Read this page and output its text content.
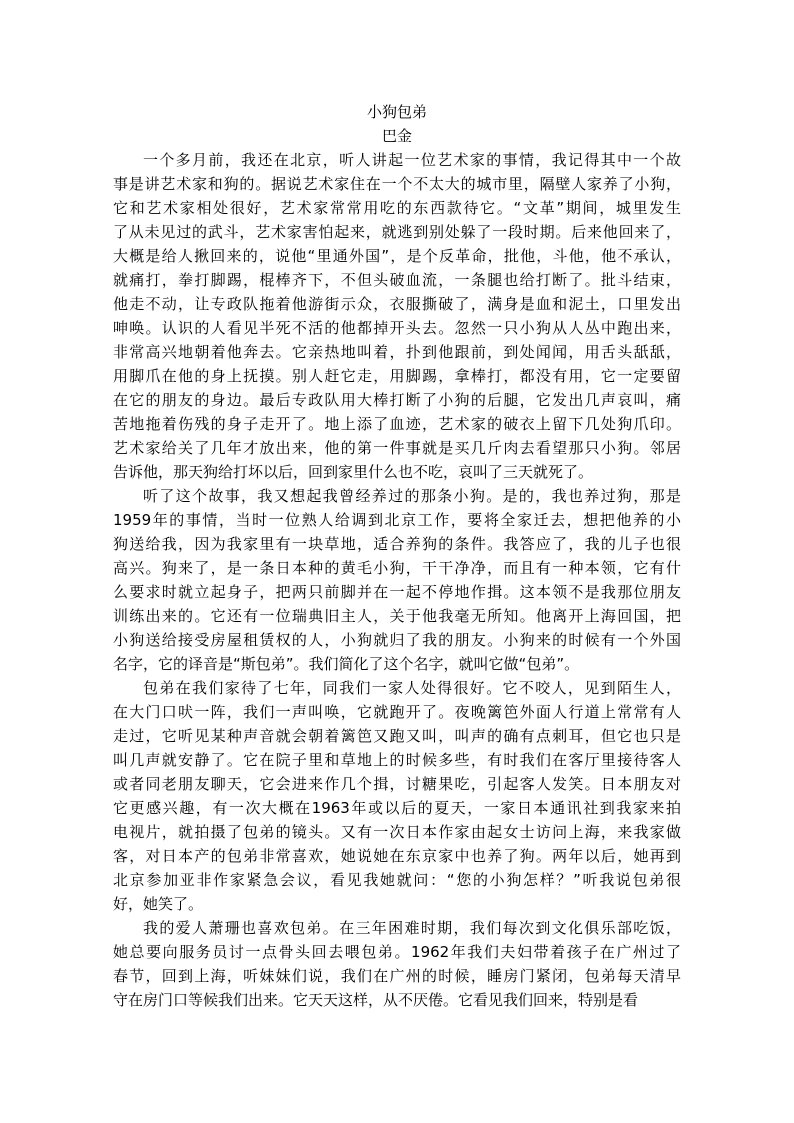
小狗包弟
巴金
一个多月前，我还在北京，听人讲起一位艺术家的事情，我记得其中一个故
事是讲艺术家和狗的。据说艺术家住在一个不太大的城市里，隔壁人家养了小狗，
它和艺术家相处很好，艺术家常常用吃的东西款待它。“文革”期间，城里发生
了从未见过的武斗，艺术家害怕起来，就逃到别处躲了一段时期。后来他回来了，
大概是给人揪回来的，说他“里通外国”，是个反革命，批他，斗他，他不承认，
就痛打，拳打脚踢，棍棒齐下，不但头破血流，一条腿也给打断了。批斗结束，
他走不动，让专政队拖着他游街示众，衣服撕破了，满身是血和泥土，口里发出
呻唤。认识的人看见半死不活的他都掉开头去。忽然一只小狗从人丛中跑出来，
非常高兴地朝着他奔去。它亲热地叫着，扑到他跟前，到处闻闻，用舌头舐舐，
用脚爪在他的身上抚摸。别人赶它走，用脚踢，拿棒打，都没有用，它一定要留
在它的朋友的身边。最后专政队用大棒打断了小狗的后腿，它发出几声哀叫，痛
苦地拖着伤残的身子走开了。地上添了血迹，艺术家的破衣上留下几处狗爪印。
艺术家给关了几年才放出来，他的第一件事就是买几斤肉去看望那只小狗。邻居
告诉他，那天狗给打坏以后，回到家里什么也不吃，哀叫了三天就死了。
听了这个故事，我又想起我曾经养过的那条小狗。是的，我也养过狗，那是
1959年的事情，当时一位熟人给调到北京工作，要将全家迁去，想把他养的小
狗送给我，因为我家里有一块草地，适合养狗的条件。我答应了，我的儿子也很
高兴。狗来了，是一条日本种的黄毛小狗，干干净净，而且有一种本领，它有什
么要求时就立起身子，把两只前脚并在一起不停地作揖。这本领不是我那位朋友
训练出来的。它还有一位瑞典旧主人，关于他我毫无所知。他离开上海回国，把
小狗送给接受房屋租赁权的人，小狗就归了我的朋友。小狗来的时候有一个外国
名字，它的译音是“斯包弟”。我们简化了这个名字，就叫它做“包弟”。
包弟在我们家待了七年，同我们一家人处得很好。它不咬人，见到陌生人，
在大门口吠一阵，我们一声叫唤，它就跑开了。夜晚篱笆外面人行道上常常有人
走过，它听见某种声音就会朝着篱笆又跑又叫，叫声的确有点刺耳，但它也只是
叫几声就安静了。它在院子里和草地上的时候多些，有时我们在客厅里接待客人
或者同老朋友聊天，它会进来作几个揖，讨糖果吃，引起客人发笑。日本朋友对
它更感兴趣，有一次大概在1963年或以后的夏天，一家日本通讯社到我家来拍
电视片，就拍摄了包弟的镜头。又有一次日本作家由起女士访问上海，来我家做
客，对日本产的包弟非常喜欢，她说她在东京家中也养了狗。两年以后，她再到
北京参加亚非作家紧急会议，看见我她就问：“您的小狗怎样？”听我说包弟很
好，她笑了。
我的爱人萧珊也喜欢包弟。在三年困难时期，我们每次到文化俱乐部吃饭，
她总要向服务员讨一点骨头回去喂包弟。1962年我们夫妇带着孩子在广州过了
春节，回到上海，听妹妹们说，我们在广州的时候，睡房门紧闭，包弟每天清早
守在房门口等候我们出来。它天天这样，从不厌倦。它看见我们回来，特别是看
